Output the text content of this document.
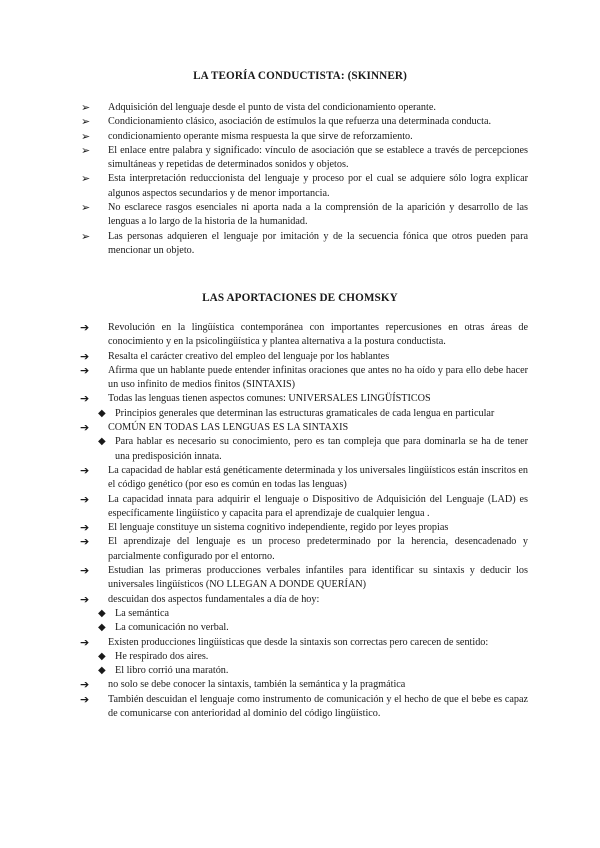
LA TEORÍA CONDUCTISTA: (SKINNER)
➢ Adquisición del lenguaje desde el punto de vista del condicionamiento operante.
➢ Condicionamiento clásico, asociación de estímulos la que refuerza una determinada conducta.
➢ condicionamiento operante misma respuesta la que sirve de reforzamiento.
➢ El enlace entre palabra y significado: vínculo de asociación que se establece a través de percepciones simultáneas y repetidas de determinados sonidos y objetos.
➢ Esta interpretación reduccionista del lenguaje y proceso por el cual se adquiere sólo logra explicar algunos aspectos secundarios y de menor importancia.
➢ No esclarece rasgos esenciales ni aporta nada a la comprensión de la aparición y desarrollo de las lenguas a lo largo de la historia de la humanidad.
➢ Las personas adquieren el lenguaje por imitación y de la secuencia fónica que otros pueden para mencionar un objeto.
LAS APORTACIONES DE CHOMSKY
➔ Revolución en la lingüística contemporánea con importantes repercusiones en otras áreas de conocimiento y en la psicolingüística y plantea alternativa a la postura conductista.
➔ Resalta el carácter creativo del empleo del lenguaje por los hablantes
➔ Afirma que un hablante puede entender infinitas oraciones que antes no ha oído y para ello debe hacer un uso infinito de medios finitos (SINTAXIS)
➔ Todas las lenguas tienen aspectos comunes: UNIVERSALES LINGÜÍSTICOS
◆ Principios generales que determinan las estructuras gramaticales de cada lengua en particular
➔ COMÚN EN TODAS LAS LENGUAS ES LA SINTAXIS
◆ Para hablar es necesario su conocimiento, pero es tan compleja que para dominarla se ha de tener una predisposición innata.
➔ La capacidad de hablar está genéticamente determinada y los universales lingüísticos están inscritos en el código genético (por eso es común en todas las lenguas)
➔ La capacidad innata para adquirir el lenguaje o Dispositivo de Adquisición del Lenguaje (LAD) es específicamente lingüístico y capacita para el aprendizaje de cualquier lengua .
➔ El lenguaje constituye un sistema cognitivo independiente, regido por leyes propias
➔ El aprendizaje del lenguaje es un proceso predeterminado por la herencia, desencadenado y parcialmente configurado por el entorno.
➔ Estudian las primeras producciones verbales infantiles para identificar su sintaxis y deducir los universales lingüísticos (NO LLEGAN A DONDE QUERÍAN)
➔ descuidan dos aspectos fundamentales a día de hoy:
◆ La semántica
◆ La comunicación no verbal.
➔ Existen producciones lingüísticas que desde la sintaxis son correctas pero carecen de sentido:
◆ He respirado dos aires.
◆ El libro corrió una maratón.
➔ no solo se debe conocer la sintaxis, también la semántica y la pragmática
➔ También descuidan el lenguaje como instrumento de comunicación y el hecho de que el bebe es capaz de comunicarse con anterioridad al dominio del código lingüístico.
